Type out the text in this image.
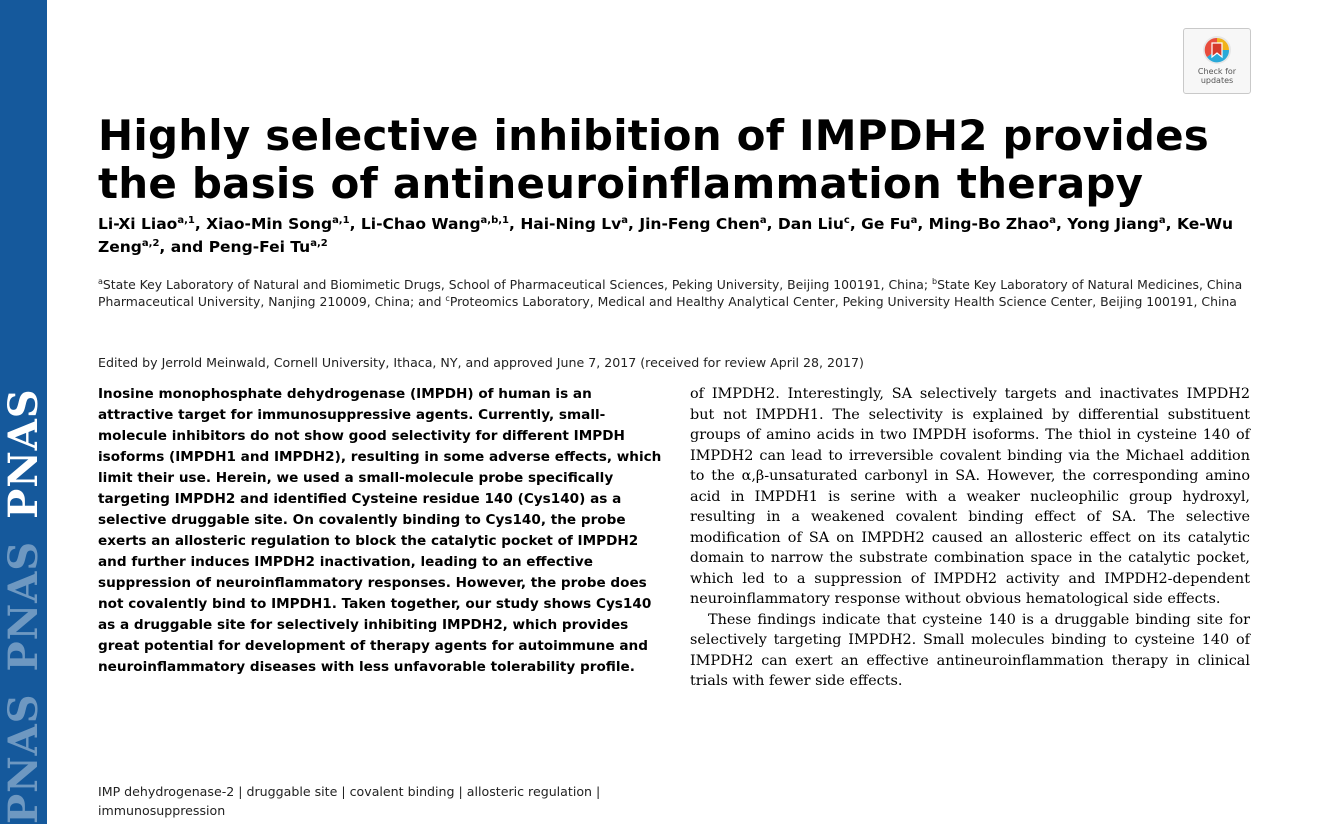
PNASPNASPNAS
Check for
updates
Highly selective inhibition of IMPDH2 provides the basis of antineuroinflammation therapy
Li-Xi Liao$^{a,1}$, Xiao-Min Song$^{a,1}$, Li-Chao Wang$^{a,b,1}$, Hai-Ning Lv$^a$, Jin-Feng Chen$^a$, Dan Liu$^c$, Ge Fu$^a$, Ming-Bo Zhao$^a$, Yong Jiang$^a$, Ke-Wu Zeng$^{a,2}$, and Peng-Fei Tu$^{a,2}$
$^a$State Key Laboratory of Natural and Biomimetic Drugs, School of Pharmaceutical Sciences, Peking University, Beijing 100191, China; $^b$State Key Laboratory of Natural Medicines, China Pharmaceutical University, Nanjing 210009, China; and $^c$Proteomics Laboratory, Medical and Healthy Analytical Center, Peking University Health Science Center, Beijing 100191, China
Edited by Jerrold Meinwald, Cornell University, Ithaca, NY, and approved June 7, 2017 (received for review April 28, 2017)

Inosine monophosphate dehydrogenase (IMPDH) of human is an attractive target for immunosuppressive agents. Currently, small-molecule inhibitors do not show good selectivity for different IMPDH isoforms (IMPDH1 and IMPDH2), resulting in some adverse effects, which limit their use. Herein, we used a small-molecule probe specifically targeting IMPDH2 and identified Cysteine residue 140 (Cys140) as a selective druggable site. On covalently binding to Cys140, the probe exerts an allosteric regulation to block the catalytic pocket of IMPDH2 and further induces IMPDH2 inactivation, leading to an effective suppression of neuroinflammatory responses. However, the probe does not covalently bind to IMPDH1. Taken together, our study shows Cys140 as a druggable site for selectively inhibiting IMPDH2, which provides great potential for development of therapy agents for autoimmune and neuroinflammatory diseases with less unfavorable tolerability profile.

IMP dehydrogenase-2 | druggable site | covalent binding | allosteric regulation | immunosuppression

of IMPDH2. Interestingly, SA selectively targets and inactivates IMPDH2 but not IMPDH1. The selectivity is explained by differential substituent groups of amino acids in two IMPDH isoforms. The thiol in cysteine 140 of IMPDH2 can lead to irreversible covalent binding via the Michael addition to the α,β-unsaturated carbonyl in SA. However, the corresponding amino acid in IMPDH1 is serine with a weaker nucleophilic group hydroxyl, resulting in a weakened covalent binding effect of SA. The selective modification of SA on IMPDH2 caused an allosteric effect on its catalytic domain to narrow the substrate combination space in the catalytic pocket, which led to a suppression of IMPDH2 activity and IMPDH2-dependent neuroinflammatory response without obvious hematological side effects.

These findings indicate that cysteine 140 is a druggable binding site for selectively targeting IMPDH2. Small molecules binding to cysteine 140 of IMPDH2 can exert an effective antineuroinflammation therapy in clinical trials with fewer side effects.
